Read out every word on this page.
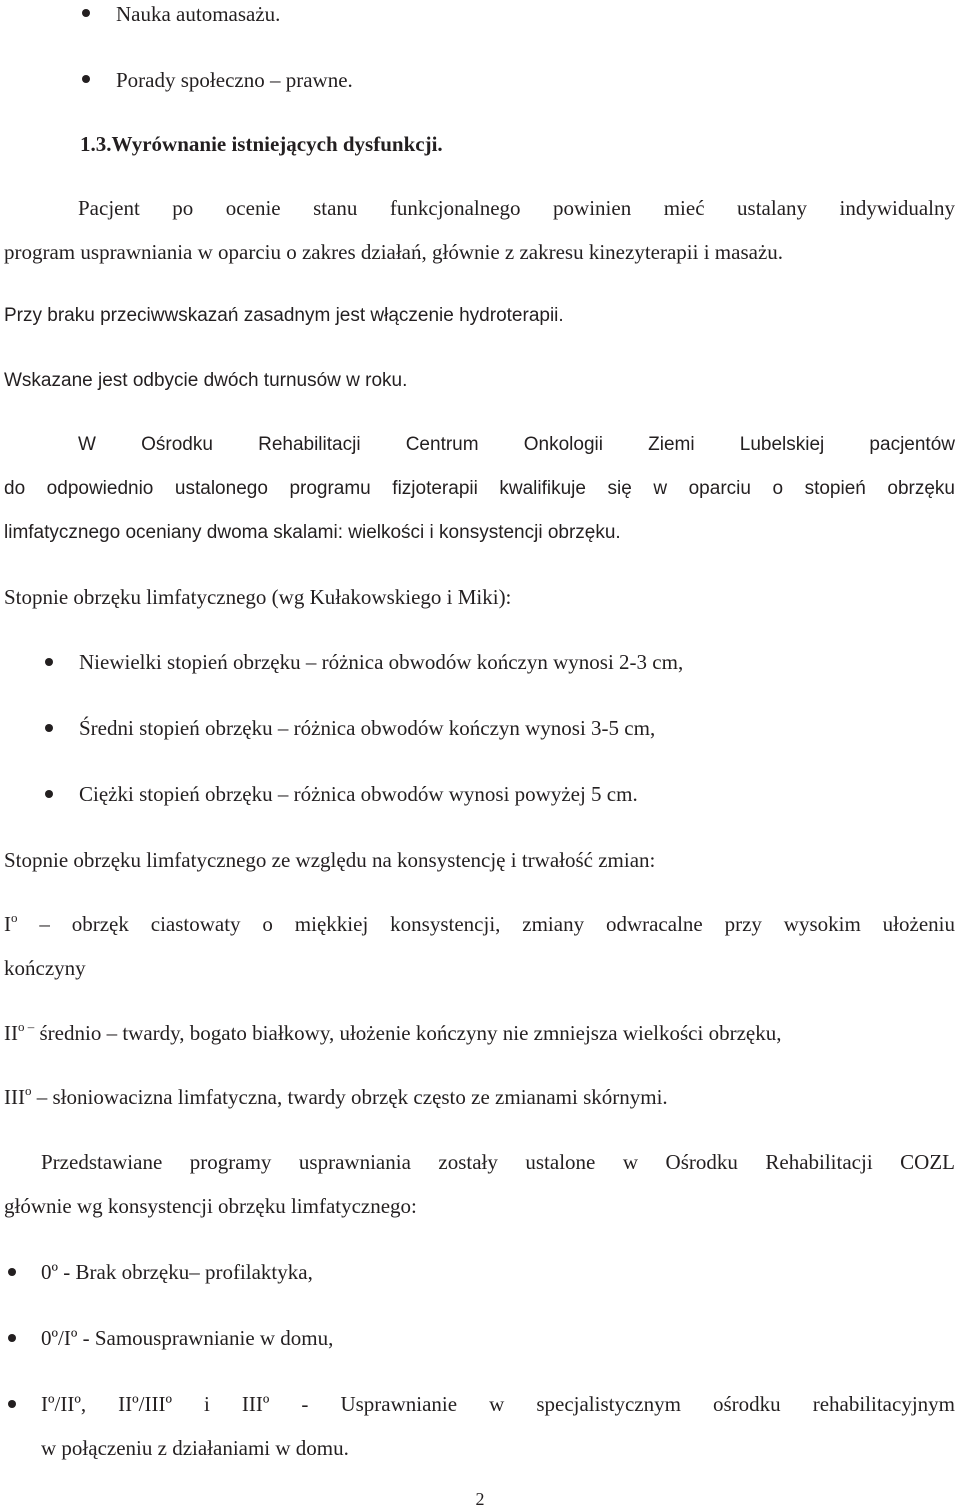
Nauka automasażu.
Porady społeczno – prawne.
1.3.Wyrównanie istniejących dysfunkcji.
Pacjent po ocenie stanu funkcjonalnego powinien mieć ustalany indywidualny
program usprawniania w oparciu o zakres działań, głównie z zakresu kinezyterapii i masażu.
Przy braku przeciwwskazań zasadnym jest włączenie hydroterapii.
Wskazane jest odbycie dwóch turnusów w roku.
W Ośrodku Rehabilitacji Centrum Onkologii Ziemi Lubelskiej pacjentów
do odpowiednio ustalonego programu fizjoterapii kwalifikuje się w oparciu o stopień obrzęku
limfatycznego oceniany dwoma skalami: wielkości i konsystencji obrzęku.
Stopnie obrzęku limfatycznego (wg Kułakowskiego i Miki):
Niewielki stopień obrzęku – różnica obwodów kończyn wynosi 2-3 cm,
Średni stopień obrzęku – różnica obwodów kończyn wynosi 3-5 cm,
Ciężki stopień obrzęku – różnica obwodów wynosi powyżej 5 cm.
Stopnie obrzęku limfatycznego ze względu na konsystencję i trwałość zmian:
$I^o$ – obrzęk ciastowaty o miękkiej konsystencji, zmiany odwracalne przy wysokim ułożeniu
kończyny
$II^{o -}$ średnio – twardy, bogato białkowy, ułożenie kończyny nie zmniejsza wielkości obrzęku,
III$^o$ – słoniowacizna limfatyczna, twardy obrzęk często ze zmianami skórnymi.
Przedstawiane programy usprawniania zostały ustalone w Ośrodku Rehabilitacji COZL
głównie wg konsystencji obrzęku limfatycznego:
0º - Brak obrzęku– profilaktyka,
0º/Iº - Samousprawnianie w domu,
Iº/IIº, IIº/IIIº i IIIº - Usprawnianie w specjalistycznym ośrodku rehabilitacyjnym
w połączeniu z działaniami w domu.
2
